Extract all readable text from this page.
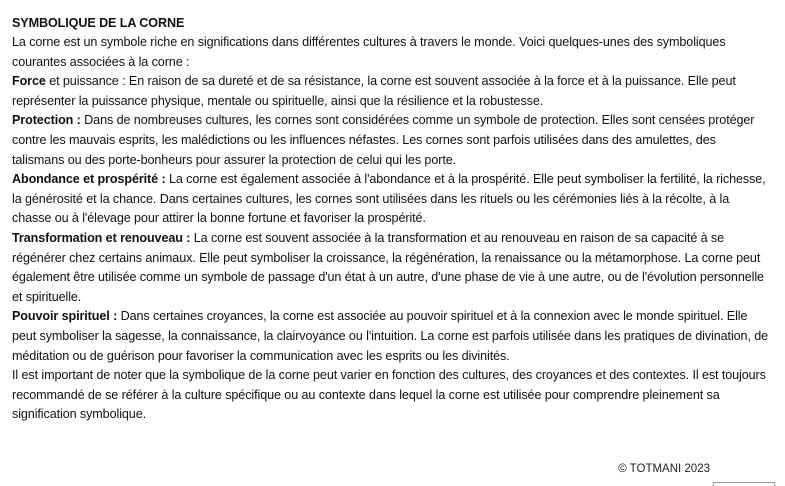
SYMBOLIQUE DE LA CORNE

La corne est un symbole riche en significations dans différentes cultures à travers le monde. Voici quelques-unes des symboliques courantes associées à la corne :

Force et puissance : En raison de sa dureté et de sa résistance, la corne est souvent associée à la force et à la puissance. Elle peut représenter la puissance physique, mentale ou spirituelle, ainsi que la résilience et la robustesse.

Protection : Dans de nombreuses cultures, les cornes sont considérées comme un symbole de protection. Elles sont censées protéger contre les mauvais esprits, les malédictions ou les influences néfastes. Les cornes sont parfois utilisées dans des amulettes, des talismans ou des porte-bonheurs pour assurer la protection de celui qui les porte.

Abondance et prospérité : La corne est également associée à l'abondance et à la prospérité. Elle peut symboliser la fertilité, la richesse, la générosité et la chance. Dans certaines cultures, les cornes sont utilisées dans les rituels ou les cérémonies liés à la récolte, à la chasse ou à l'élevage pour attirer la bonne fortune et favoriser la prospérité.

Transformation et renouveau : La corne est souvent associée à la transformation et au renouveau en raison de sa capacité à se régénérer chez certains animaux. Elle peut symboliser la croissance, la régénération, la renaissance ou la métamorphose. La corne peut également être utilisée comme un symbole de passage d'un état à un autre, d'une phase de vie à une autre, ou de l'évolution personnelle et spirituelle.

Pouvoir spirituel : Dans certaines croyances, la corne est associée au pouvoir spirituel et à la connexion avec le monde spirituel. Elle peut symboliser la sagesse, la connaissance, la clairvoyance ou l'intuition. La corne est parfois utilisée dans les pratiques de divination, de méditation ou de guérison pour favoriser la communication avec les esprits ou les divinités.

Il est important de noter que la symbolique de la corne peut varier en fonction des cultures, des croyances et des contextes. Il est toujours recommandé de se référer à la culture spécifique ou au contexte dans lequel la corne est utilisée pour comprendre pleinement sa signification symbolique.

© TOTMANI 2023
